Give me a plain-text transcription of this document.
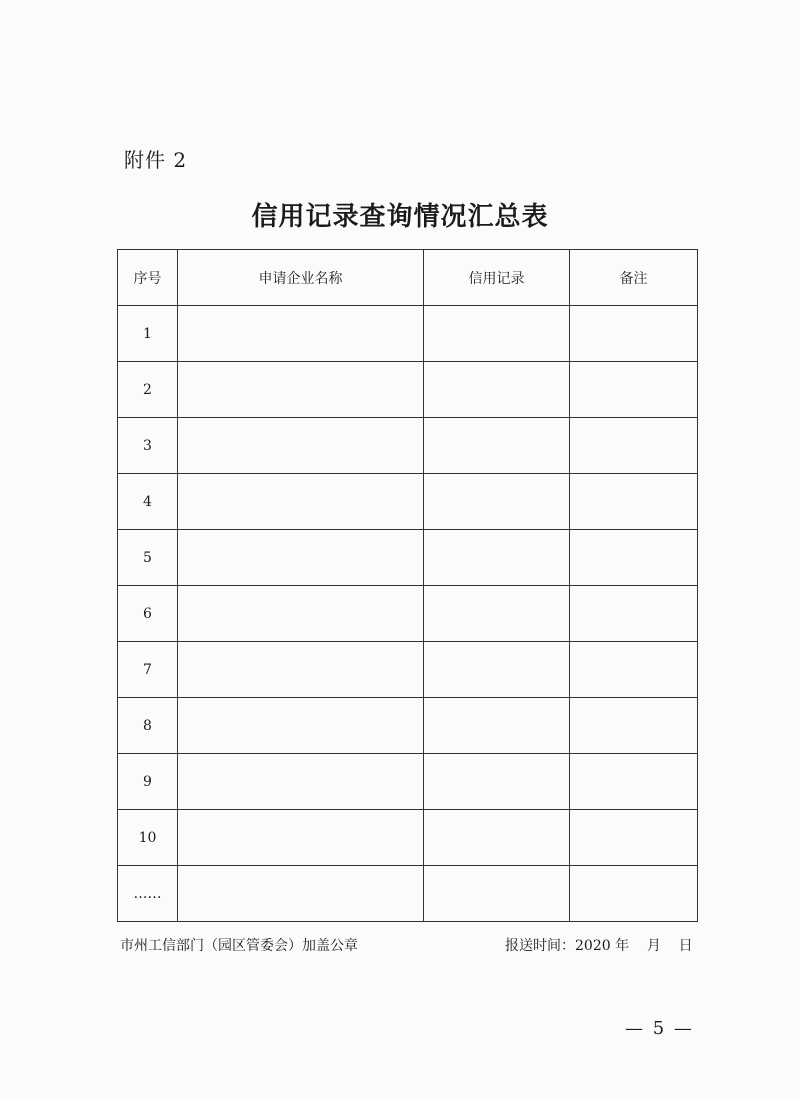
附件 2
信用记录查询情况汇总表
序号	申请企业名称	信用记录	备注
1			
2			
3			
4			
5			
6			
7			
8			
9			
10			
……			
市州工信部门（园区管委会）加盖公章	报送时间：2020 年    月    日
— 5 —
